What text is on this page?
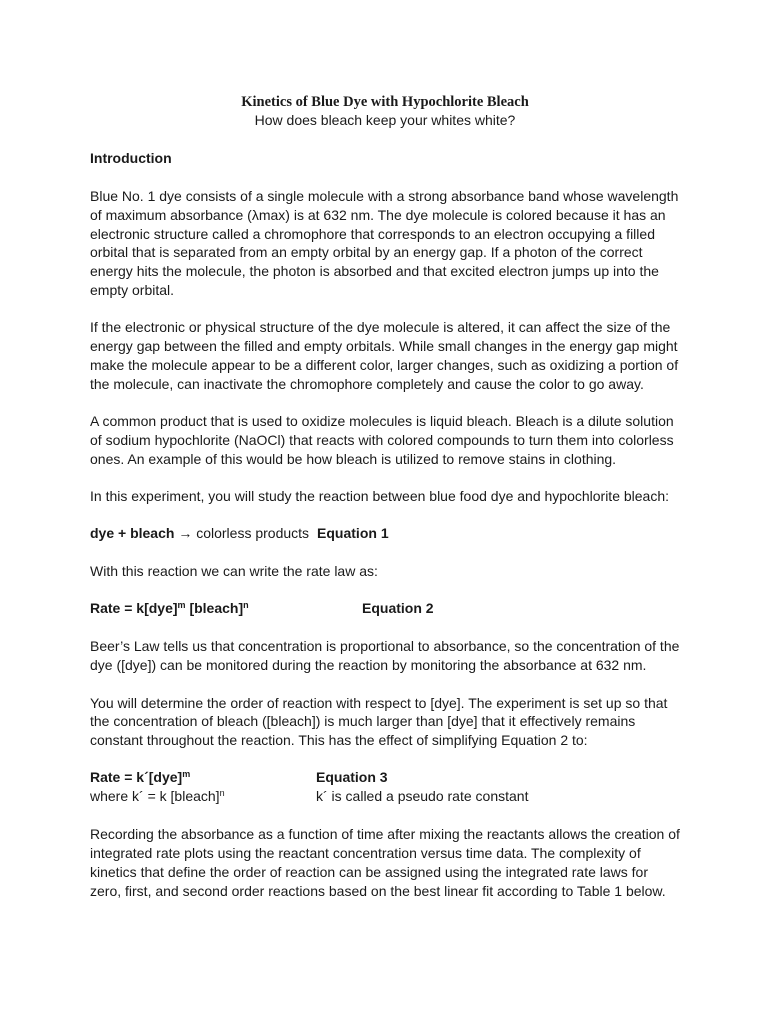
Kinetics of Blue Dye with Hypochlorite Bleach
How does bleach keep your whites white?
Introduction

Blue No. 1 dye consists of a single molecule with a strong absorbance band whose wavelength of maximum absorbance (λmax) is at 632 nm. The dye molecule is colored because it has an electronic structure called a chromophore that corresponds to an electron occupying a filled orbital that is separated from an empty orbital by an energy gap. If a photon of the correct energy hits the molecule, the photon is absorbed and that excited electron jumps up into the empty orbital.

If the electronic or physical structure of the dye molecule is altered, it can affect the size of the energy gap between the filled and empty orbitals. While small changes in the energy gap might make the molecule appear to be a different color, larger changes, such as oxidizing a portion of the molecule, can inactivate the chromophore completely and cause the color to go away.

A common product that is used to oxidize molecules is liquid bleach. Bleach is a dilute solution of sodium hypochlorite (NaOCl) that reacts with colored compounds to turn them into colorless ones. An example of this would be how bleach is utilized to remove stains in clothing.

In this experiment, you will study the reaction between blue food dye and hypochlorite bleach:

dye + bleach → colorless products Equation 1

With this reaction we can write the rate law as:

Rate = k[dye]$^m$ [bleach]$^n$	Equation 2

Beer’s Law tells us that concentration is proportional to absorbance, so the concentration of the dye ([dye]) can be monitored during the reaction by monitoring the absorbance at 632 nm.

You will determine the order of reaction with respect to [dye]. The experiment is set up so that the concentration of bleach ([bleach]) is much larger than [dye] that it effectively remains constant throughout the reaction. This has the effect of simplifying Equation 2 to:

Rate = k´[dye]$^m$	Equation 3
where k´ = k [bleach]$^n$	k´ is called a pseudo rate constant

Recording the absorbance as a function of time after mixing the reactants allows the creation of integrated rate plots using the reactant concentration versus time data. The complexity of kinetics that define the order of reaction can be assigned using the integrated rate laws for zero, first, and second order reactions based on the best linear fit according to Table 1 below.
